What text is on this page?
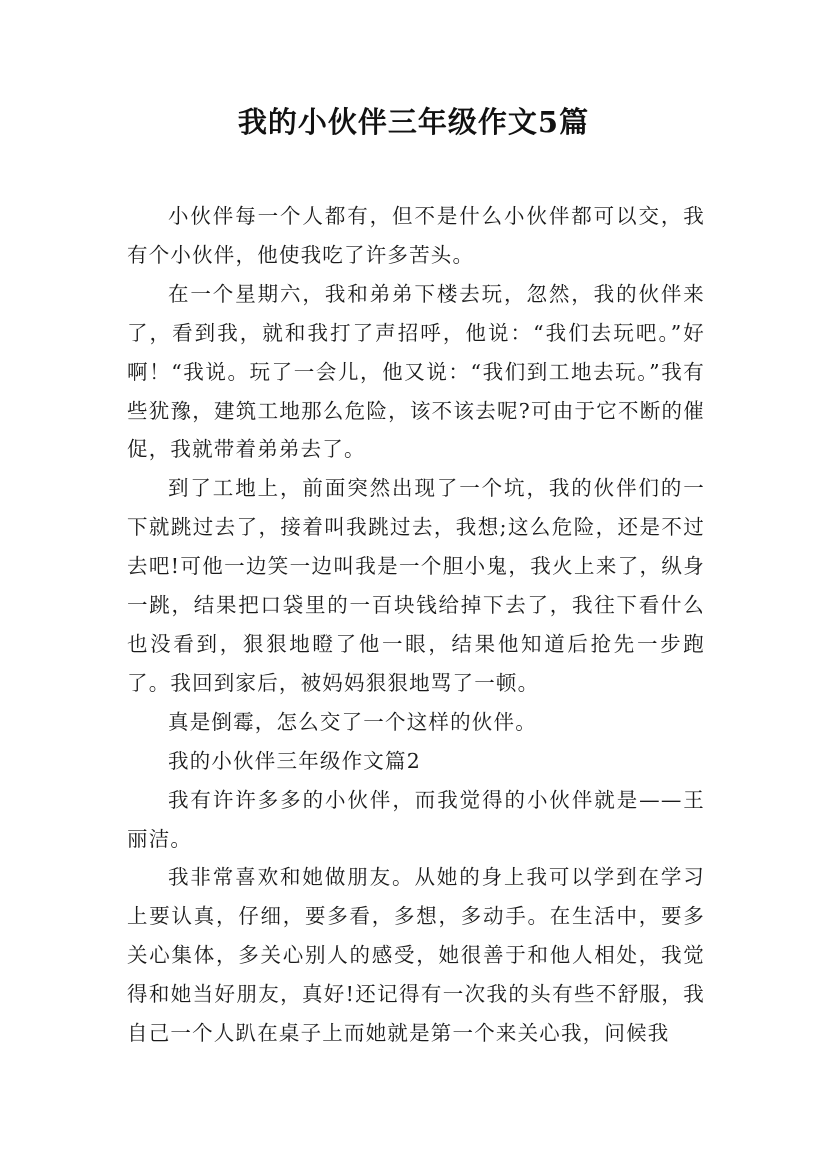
我的小伙伴三年级作文5篇

小伙伴每一个人都有，但不是什么小伙伴都可以交，我有个小伙伴，他使我吃了许多苦头。

在一个星期六，我和弟弟下楼去玩，忽然，我的伙伴来了，看到我，就和我打了声招呼，他说：“我们去玩吧。”好啊！“我说。玩了一会儿，他又说：“我们到工地去玩。”我有些犹豫，建筑工地那么危险，该不该去呢?可由于它不断的催促，我就带着弟弟去了。

到了工地上，前面突然出现了一个坑，我的伙伴们的一下就跳过去了，接着叫我跳过去，我想;这么危险，还是不过去吧!可他一边笑一边叫我是一个胆小鬼，我火上来了，纵身一跳，结果把口袋里的一百块钱给掉下去了，我往下看什么也没看到，狠狠地瞪了他一眼，结果他知道后抢先一步跑了。我回到家后，被妈妈狠狠地骂了一顿。

真是倒霉，怎么交了一个这样的伙伴。

我的小伙伴三年级作文篇2

我有许许多多的小伙伴，而我觉得的小伙伴就是——王丽洁。

我非常喜欢和她做朋友。从她的身上我可以学到在学习上要认真，仔细，要多看，多想，多动手。在生活中，要多关心集体，多关心别人的感受，她很善于和他人相处，我觉得和她当好朋友，真好!还记得有一次我的头有些不舒服，我自己一个人趴在桌子上而她就是第一个来关心我，问候我
